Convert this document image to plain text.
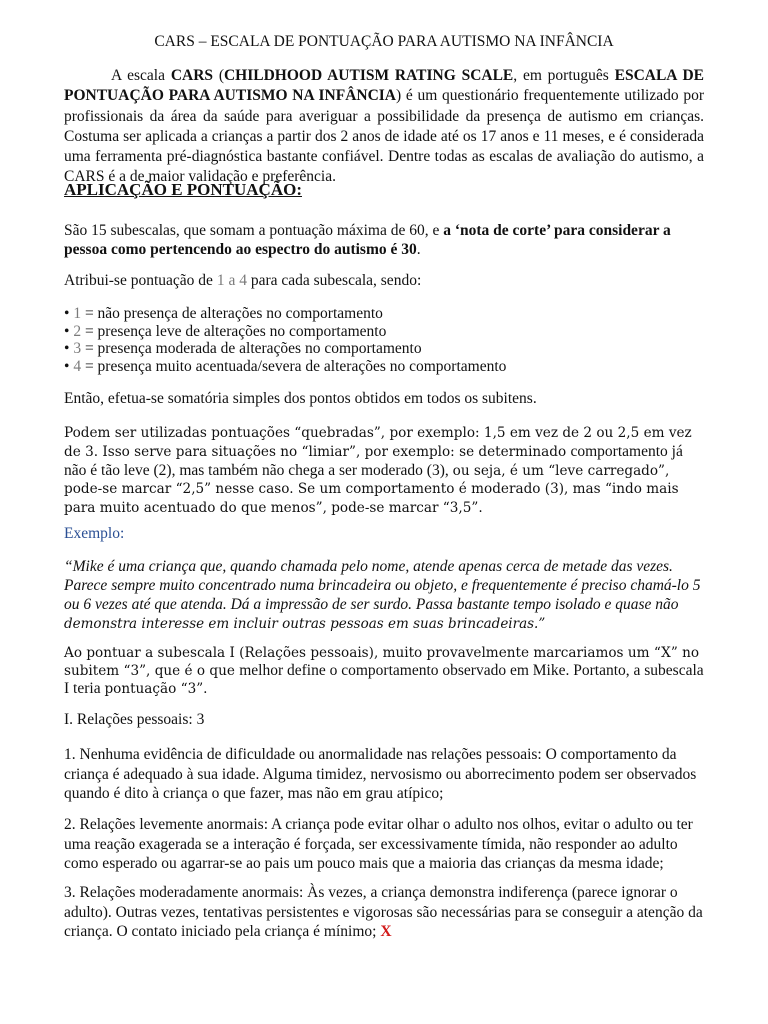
CARS – ESCALA DE PONTUAÇÃO PARA AUTISMO NA INFÂNCIA

A escala CARS (CHILDHOOD AUTISM RATING SCALE, em português ESCALA DE PONTUAÇÃO PARA AUTISMO NA INFÂNCIA) é um questionário frequentemente utilizado por profissionais da área da saúde para averiguar a possibilidade da presença de autismo em crianças. Costuma ser aplicada a crianças a partir dos 2 anos de idade até os 17 anos e 11 meses, e é considerada uma ferramenta pré-diagnóstica bastante confiável. Dentre todas as escalas de avaliação do autismo, a CARS é a de maior validação e preferência.

APLICAÇÃO E PONTUAÇÃO:

São 15 subescalas, que somam a pontuação máxima de 60, e a ‘nota de corte’ para considerar a pessoa como pertencendo ao espectro do autismo é 30.

Atribui-se pontuação de 1 a 4 para cada subescala, sendo:

• 1 = não presença de alterações no comportamento
• 2 = presença leve de alterações no comportamento
• 3 = presença moderada de alterações no comportamento
• 4 = presença muito acentuada/severa de alterações no comportamento

Então, efetua-se somatória simples dos pontos obtidos em todos os subitens.

Podem ser utilizadas pontuações “quebradas”, por exemplo: 1,5 em vez de 2 ou 2,5 em vez de 3. Isso serve para situações no “limiar”, por exemplo: se determinado comportamento já não é tão leve (2), mas também não chega a ser moderado (3), ou seja, é um “leve carregado”, pode-se marcar “2,5” nesse caso. Se um comportamento é moderado (3), mas “indo mais para muito acentuado do que menos”, pode-se marcar “3,5”.

Exemplo:

“Mike é uma criança que, quando chamada pelo nome, atende apenas cerca de metade das vezes. Parece sempre muito concentrado numa brincadeira ou objeto, e frequentemente é preciso chamá-lo 5 ou 6 vezes até que atenda. Dá a impressão de ser surdo. Passa bastante tempo isolado e quase não demonstra interesse em incluir outras pessoas em suas brincadeiras.”

Ao pontuar a subescala I (Relações pessoais), muito provavelmente marcariamos um “X” no subitem “3”, que é o que melhor define o comportamento observado em Mike. Portanto, a subescala I teria pontuação “3”.

I. Relações pessoais: 3

1. Nenhuma evidência de dificuldade ou anormalidade nas relações pessoais: O comportamento da criança é adequado à sua idade. Alguma timidez, nervosismo ou aborrecimento podem ser observados quando é dito à criança o que fazer, mas não em grau atípico;

2. Relações levemente anormais: A criança pode evitar olhar o adulto nos olhos, evitar o adulto ou ter uma reação exagerada se a interação é forçada, ser excessivamente tímida, não responder ao adulto como esperado ou agarrar-se ao pais um pouco mais que a maioria das crianças da mesma idade;

3. Relações moderadamente anormais: Às vezes, a criança demonstra indiferença (parece ignorar o adulto). Outras vezes, tentativas persistentes e vigorosas são necessárias para se conseguir a atenção da criança. O contato iniciado pela criança é mínimo; X
